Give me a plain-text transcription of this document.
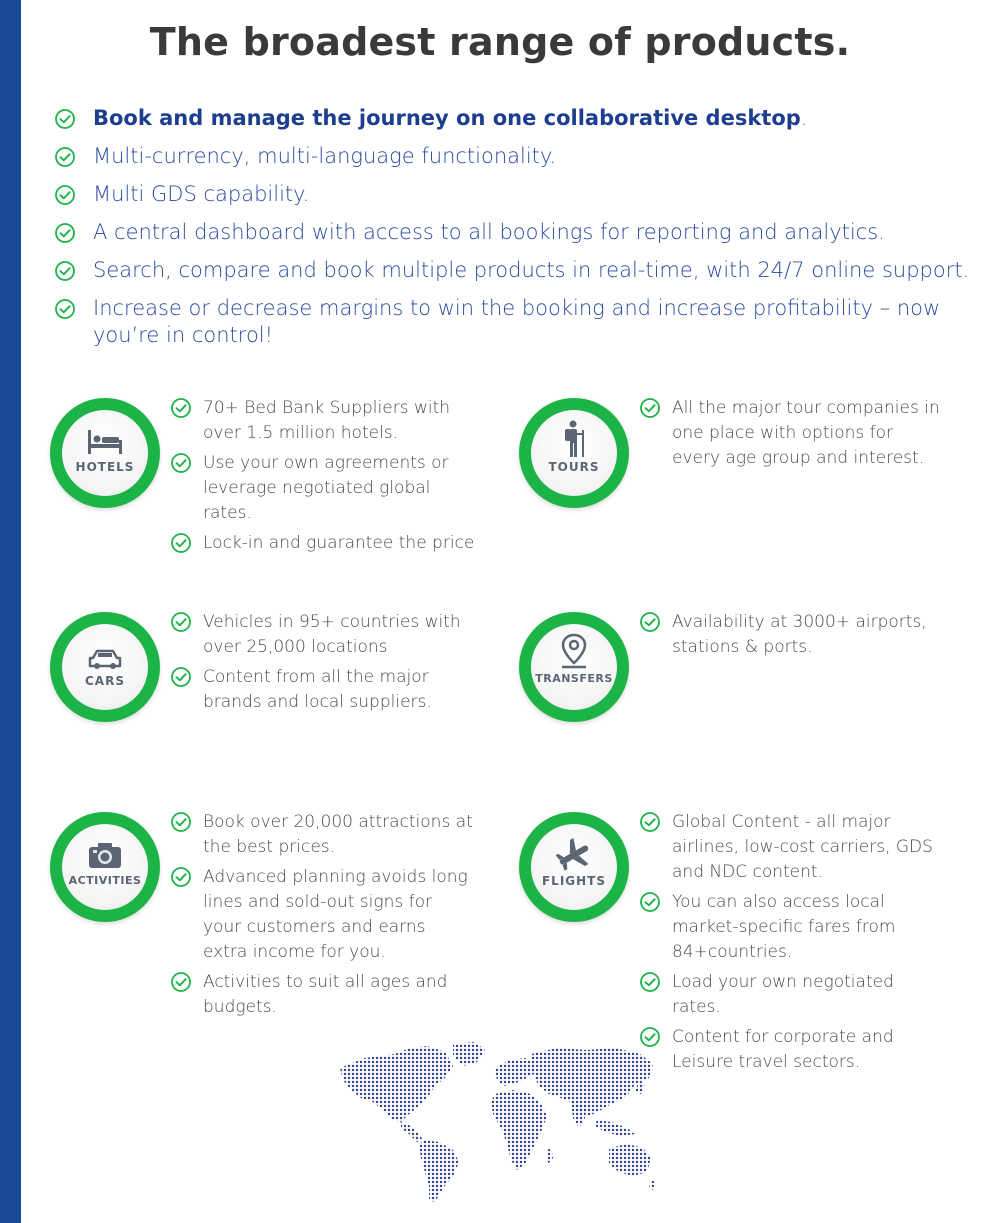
The broadest range of products.
Book and manage the journey on one collaborative desktop.
Multi-currency, multi-language functionality.
Multi GDS capability.
A central dashboard with access to all bookings for reporting and analytics.
Search, compare and book multiple products in real-time, with 24/7 online support.
Increase or decrease margins to win the booking and increase profitability – now you’re in control!
HOTELS
70+ Bed Bank Suppliers with over 1.5 million hotels.
Use your own agreements or leverage negotiated global rates.
Lock-in and guarantee the price
TOURS
All the major tour companies in one place with options for every age group and interest.
CARS
Vehicles in 95+ countries with over 25,000 locations
Content from all the major brands and local suppliers.
TRANSFERS
Availability at 3000+ airports, stations & ports.
ACTIVITIES
Book over 20,000 attractions at the best prices.
Advanced planning avoids long lines and sold-out signs for your customers and earns extra income for you.
Activities to suit all ages and budgets.
FLIGHTS
Global Content - all major airlines, low-cost carriers, GDS and NDC content.
You can also access local market-specific fares from 84+countries.
Load your own negotiated rates.
Content for corporate and Leisure travel sectors.
